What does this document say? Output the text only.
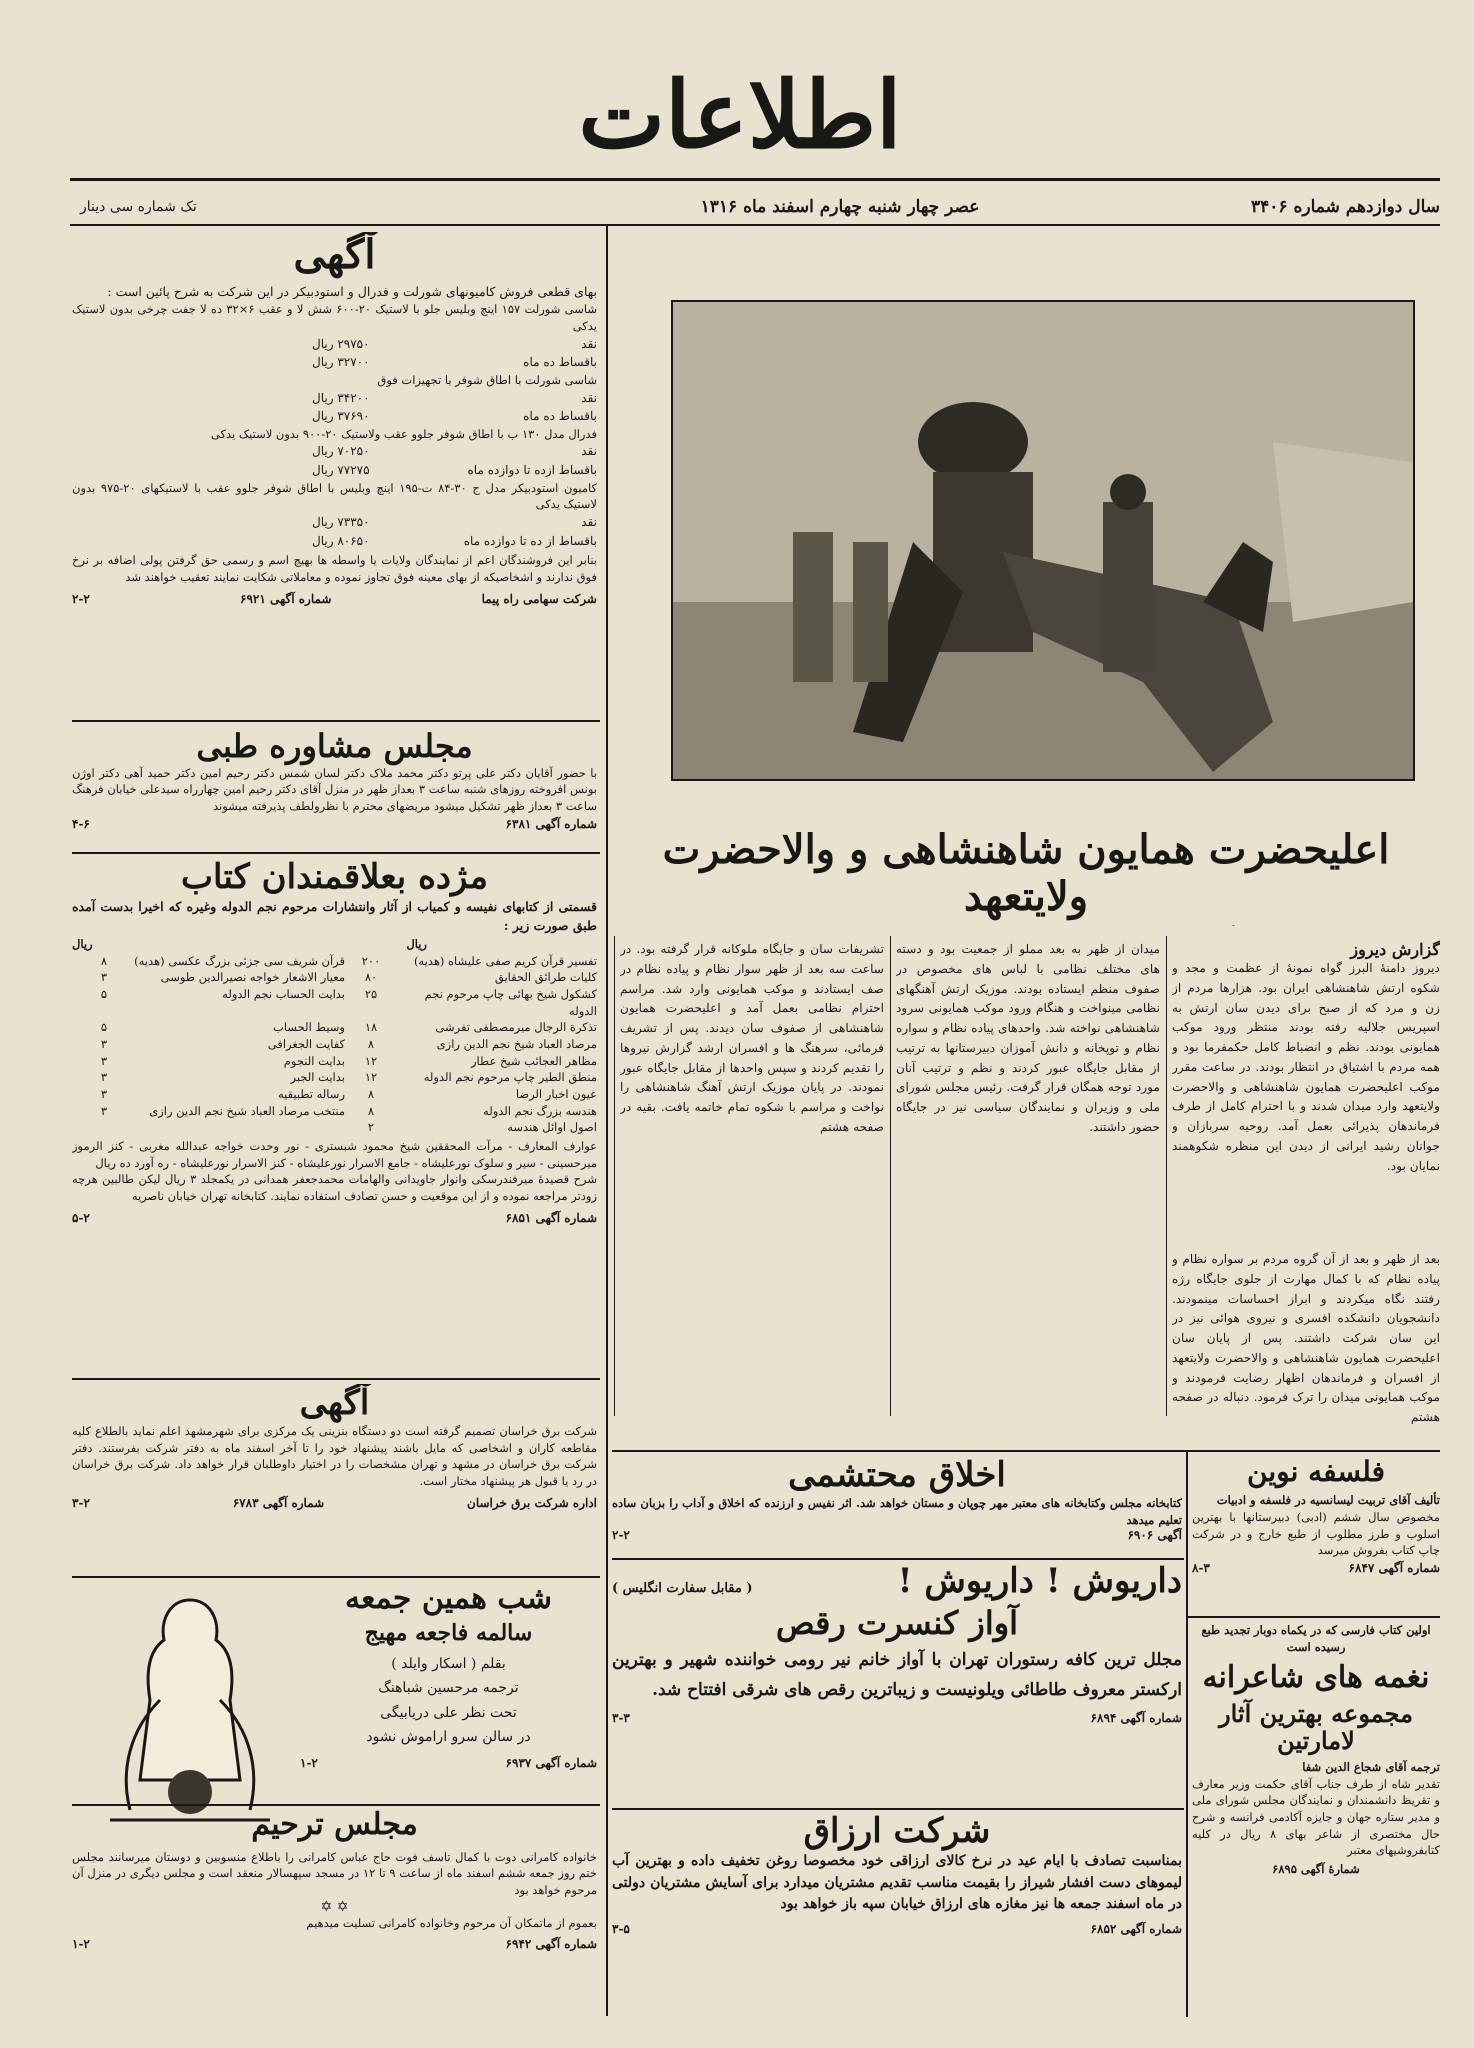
اطلاعات
سال دوازدهم شماره ۳۴۰۶
عصر چهار شنبه چهارم اسفند ماه ۱۳۱۶
تک شماره سی دینار
آگهی
بهای قطعی فروش کامیونهای شورلت و فدرال و استودبیکر در این شرکت به شرح پائین است :
شاسی شورلت ۱۵۷ اینچ وبلیس جلو با لاستیک ۲۰-۶۰۰ شش لا و عقب ۶×۳۲ ده لا جفت چرخی بدون لاستیک یدکی
نقد
۲۹۷۵۰ ریال
باقساط ده ماه
۳۲۷۰۰ ریال
شاسی شورلت با اطاق شوفر با تجهیزات فوق
نقد
۳۴۲۰۰ ریال
باقساط ده ماه
۳۷۶۹۰ ریال
فدرال مدل ۱۳۰ ب با اطاق شوفر جلوو عقب ولاستیک ۲۰-۹۰۰ بدون لاستیک یدکی
نقد
۷۰۲۵۰ ریال
باقساط ازده تا دوازده ماه
۷۷۲۷۵ ریال
کامیون استودبیکر مدل ج ۳۰-۸۴ ت-۱۹۵ اینچ وبلیس با اطاق شوفر جلوو عقب با لاستیکهای ۲۰-۹۷۵ بدون لاستیک یدکی
نقد
۷۳۳۵۰ ریال
باقساط از ده تا دوازده ماه
۸۰۶۵۰ ریال
بنابر این فروشندگان اعم از نمایندگان ولایات یا واسطه ها بهیچ اسم و رسمی حق گرفتن پولی اضافه بر نرخ فوق ندارند و اشخاصیکه از بهای معینه فوق تجاوز نموده و معاملاتی شکایت نمایند تعقیب خواهند شد
شرکت سهامی راه پیما
شماره آگهی ۶۹۲۱
۲-۲
مجلس مشاوره طبی
با حضور آقایان دکتر علی پرتو دکتر محمد ملاک دکتر لسان شمس دکتر رحیم امین دکتر حمید آهی دکتر اوژن بونس افروخته روزهای شنبه ساعت ۳ بعداز ظهر در منزل آقای دکتر رحیم امین چهارراه سیدعلی خیابان فرهنگ ساعت ۳ بعداز ظهر تشکیل میشود مریضهای محترم با نظرولطف پذیرفته میشوند
شماره آگهی ۶۳۸۱
۴-۶
مژده بعلاقمندان کتاب
قسمتی از کتابهای نفیسه و کمیاب از آثار وانتشارات مرحوم نجم الدوله وغیره که اخیرا بدست آمده طبق صورت زیر :
ریال
ریال
تفسیر قرآن کریم صفی علیشاه (هدیه)
۲۰۰
قرآن شریف سی جزئی بزرگ عکسی (هدیه)
۸
کلیات طرائق الحقایق
۸۰
معیار الاشعار خواجه نصیرالدین طوسی
۳
کشکول شیخ بهائی چاپ مرحوم نجم الدوله
۲۵
بدایت الحساب نجم الدوله
۵
تذکرة الرجال میرمصطفی تفرشی
۱۸
وسیط الحساب
۵
مرصاد العباد شیخ نجم الدین رازی
۸
کفایت الجغرافی
۳
مظاهر العجائب شیخ عطار
۱۲
بدایت النجوم
۳
منطق الطیر چاپ مرحوم نجم الدوله
۱۲
بدایت الجبر
۳
عیون اخبار الرضا
۸
رساله تطبیقیه
۳
هندسه بزرگ نجم الدوله
۸
منتخب مرصاد العباد شیخ نجم الدین رازی
۳
اصول اوائل هندسه
۲
عوارف المعارف - مرآت المحققین شیخ محمود شبستری - نور وحدت خواجه عبدالله مغربی - کنز الرموز میرحسینی - سیر و سلوک نورعلیشاه - جامع الاسرار نورعلیشاه - کنز الاسرار نورعلیشاه - ره آورد ده ریال
شرح قصیدهٔ میرفندرسکی وانوار جاویدانی والهامات محمدجعفر همدانی در یکمجلد ۳ ریال لیکن طالبین هرچه زودتر مراجعه نموده و از این موقعیت و حسن تصادف استفاده نمایند. کتابخانه تهران خیابان ناصریه
شماره آگهی ۶۸۵۱
۵-۲
آگهی
شرکت برق خراسان تصمیم گرفته است دو دستگاه بنزینی یک مرکزی برای شهرمشهد اعلم نماید بالطلاع کلیه مقاطعه کاران و اشخاصی که مایل باشند پیشنهاد خود را تا آخر اسفند ماه به دفتر شرکت بفرستند. دفتر شرکت برق خراسان در مشهد و تهران مشخصات را در اختیار داوطلبان قرار خواهد داد. شرکت برق خراسان در رد یا قبول هر پیشنهاد مختار است.
اداره شرکت برق خراسان
شماره آگهی ۶۷۸۳
۳-۲
شب همین جمعه
سالمه فاجعه مهیج
بقلم ( اسکار وایلد )
ترجمه مرحسین شباهنگ
تحت نظر علی دریابیگی
در سالن سرو اراموش نشود
شماره آگهی ۶۹۳۷
۱-۲
مجلس ترحیم
خانواده کامرانی دوت با کمال تاسف فوت حاج عباس کامرانی را باطلاع منسوبین و دوستان میرسانند مجلس ختم روز جمعه ششم اسفند ماه از ساعت ۹ تا ۱۲ در مسجد سپهسالار منعقد است و مجلس دیگری در منزل آن مرحوم خواهد بود
✡ ✡
بعموم از ماتمکان آن مرحوم وخانواده کامرانی تسلیت میدهیم
شماره آگهی ۶۹۴۲
۱-۲
اعلیحضرت همایون شاهنشاهی و والاحضرت ولایتعهد
گزارش دیروز
دیروز دامنهٔ البرز گواه نمونهٔ از عظمت و مجد و شکوه ارتش شاهنشاهی ایران بود. هزارها مردم از زن و مرد که از صبح برای دیدن سان ارتش به اسپریس جلالیه رفته بودند منتظر ورود موکب همایونی بودند. نظم و انضباط کامل حکمفرما بود و همه مردم با اشتیاق در انتظار بودند. در ساعت مقرر موکب اعلیحضرت همایون شاهنشاهی و والاحضرت ولایتعهد وارد میدان شدند و با احترام کامل از طرف فرماندهان پذیرائی بعمل آمد. روحیه سربازان و جوانان رشید ایرانی از دیدن این منظره شکوهمند نمایان بود.
میدان از ظهر به بعد مملو از جمعیت بود و دسته های مختلف نظامی با لباس های مخصوص در صفوف منظم ایستاده بودند. موزیک ارتش آهنگهای نظامی مینواخت و هنگام ورود موکب همایونی سرود شاهنشاهی نواخته شد. واحدهای پیاده نظام و سواره نظام و توپخانه و دانش آموزان دبیرستانها به ترتیب از مقابل جایگاه عبور کردند و نظم و ترتیب آنان مورد توجه همگان قرار گرفت. رئیس مجلس شورای ملی و وزیران و نمایندگان سیاسی نیز در جایگاه حضور داشتند.
تشریفات سان و جایگاه ملوکانه قرار گرفته بود. در ساعت سه بعد از ظهر سوار نظام و پیاده نظام در صف ایستادند و موکب همایونی وارد شد. مراسم احترام نظامی بعمل آمد و اعلیحضرت همایون شاهنشاهی از صفوف سان دیدند. پس از تشریف فرمائی، سرهنگ ها و افسران ارشد گزارش نیروها را تقدیم کردند و سپس واحدها از مقابل جایگاه عبور نمودند. در پایان موزیک ارتش آهنگ شاهنشاهی را نواخت و مراسم با شکوه تمام خاتمه یافت. بقیه در صفحه هشتم
بعد از ظهر و بعد از آن گروه مردم بر سواره نظام و پیاده نظام که با کمال مهارت از جلوی جایگاه رژه رفتند نگاه میکردند و ابراز احساسات مینمودند. دانشجویان دانشکده افسری و نیروی هوائی نیز در این سان شرکت داشتند. پس از پایان سان اعلیحضرت همایون شاهنشاهی و والاحضرت ولایتعهد از افسران و فرماندهان اظهار رضایت فرمودند و موکب همایونی میدان را ترک فرمود. دنباله در صفحه هشتم
اخلاق محتشمی
کتابخانه مجلس وکتابخانه های معتبر مهر چوپان و مستان خواهد شد. اثر نفیس و ارزنده که اخلاق و آداب را بزبان ساده تعلیم میدهد
آگهی ۶۹۰۶
۲-۲
داریوش ! داریوش !
( مقابل سفارت انگلیس )
آواز کنسرت رقص
مجلل ترین کافه رستوران تهران با آواز خانم نیر رومی خواننده شهیر و بهترین ارکستر معروف طاطائی ویلونیست و زیباترین رقص های شرقی افتتاح شد.
شماره آگهی ۶۸۹۴
۳-۳
شرکت ارزاق
بمناسبت تصادف با ایام عید در نرخ کالای ارزاقی خود مخصوصا روغن تخفیف داده و بهترین آب لیموهای دست افشار شیراز را بقیمت مناسب تقدیم مشتریان میدارد برای آسایش مشتریان دولتی در ماه اسفند جمعه ها نیز مغازه های ارزاق خیابان سپه باز خواهد بود
شماره آگهی ۶۸۵۲
۳-۵
فلسفه نوین
تألیف آقای تربیت لیسانسیه در فلسفه و ادبیات
مخصوص سال ششم (ادبی) دبیرستانها با بهترین اسلوب و طرز مطلوب از طبع خارج و در شرکت چاپ کتاب بفروش میرسد
شماره آگهی ۶۸۴۷
۸-۳
اولین کتاب فارسی که در یکماه دوبار تجدید طبع رسیده است
نغمه های شاعرانه
مجموعه بهترین آثار
لامارتین
ترجمه آقای شجاع الدین شفا
تقدیر شاه از طرف جناب آقای حکمت وزیر معارف و تقریظ دانشمندان و نمایندگان مجلس شورای ملی و مدیر ستاره جهان و جایزه آکادمی فرانسه و شرح حال مختصری از شاعر بهای ۸ ریال در کلیه کتابفروشیهای معتبر
شمارهٔ آگهی ۶۸۹۵
